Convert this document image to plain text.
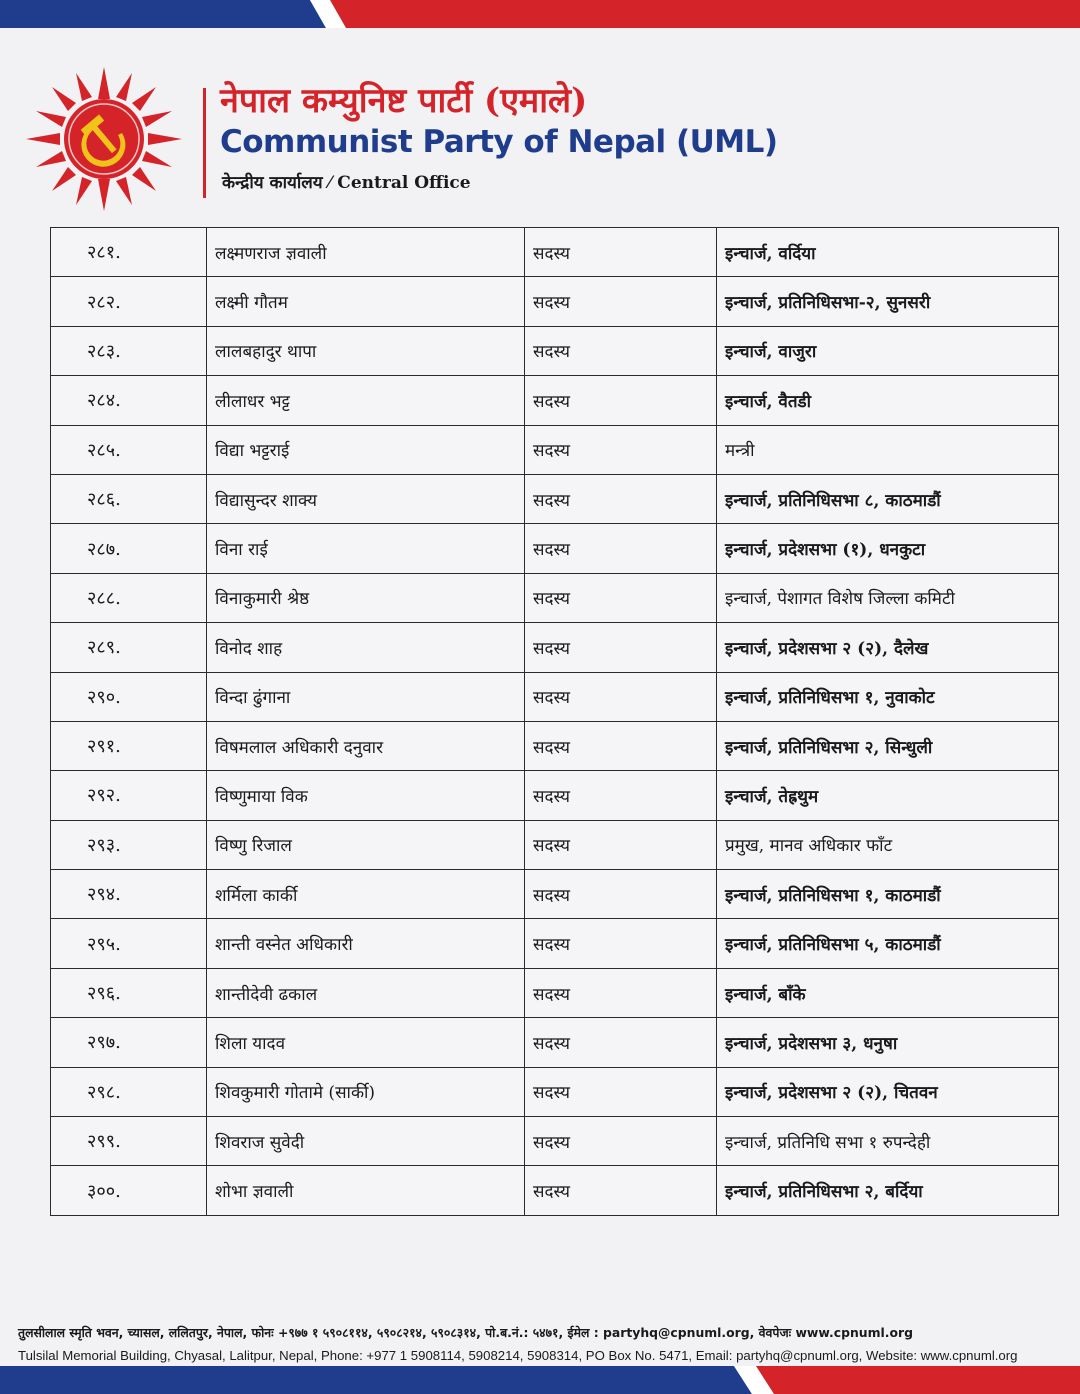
नेपाल कम्युनिष्ट पार्टी (एमाले)
Communist Party of Nepal (UML)
केन्द्रीय कार्यालय ⁄ Central Office
२८१.	लक्ष्मणराज ज्ञवाली	सदस्य	इन्चार्ज, वर्दिया
२८२.	लक्ष्मी गौतम	सदस्य	इन्चार्ज, प्रतिनिधिसभा-२, सुनसरी
२८३.	लालबहादुर थापा	सदस्य	इन्चार्ज, वाजुरा
२८४.	लीलाधर भट्ट	सदस्य	इन्चार्ज, वैतडी
२८५.	विद्या भट्टराई	सदस्य	मन्त्री
२८६.	विद्यासुन्दर शाक्य	सदस्य	इन्चार्ज, प्रतिनिधिसभा ८, काठमाडौं
२८७.	विना राई	सदस्य	इन्चार्ज, प्रदेशसभा (१), धनकुटा
२८८.	विनाकुमारी श्रेष्ठ	सदस्य	इन्चार्ज, पेशागत विशेष जिल्ला कमिटी
२८९.	विनोद शाह	सदस्य	इन्चार्ज, प्रदेशसभा २ (२), दैलेख
२९०.	विन्दा ढुंगाना	सदस्य	इन्चार्ज, प्रतिनिधिसभा १, नुवाकोट
२९१.	विषमलाल अधिकारी दनुवार	सदस्य	इन्चार्ज, प्रतिनिधिसभा २, सिन्धुली
२९२.	विष्णुमाया विक	सदस्य	इन्चार्ज, तेह्रथुम
२९३.	विष्णु रिजाल	सदस्य	प्रमुख, मानव अधिकार फाँट
२९४.	शर्मिला कार्की	सदस्य	इन्चार्ज, प्रतिनिधिसभा १, काठमाडौं
२९५.	शान्ती वस्नेत अधिकारी	सदस्य	इन्चार्ज, प्रतिनिधिसभा ५, काठमाडौं
२९६.	शान्तीदेवी ढकाल	सदस्य	इन्चार्ज, बाँके
२९७.	शिला यादव	सदस्य	इन्चार्ज, प्रदेशसभा ३, धनुषा
२९८.	शिवकुमारी गोतामे (सार्की)	सदस्य	इन्चार्ज, प्रदेशसभा २ (२), चितवन
२९९.	शिवराज सुवेदी	सदस्य	इन्चार्ज, प्रतिनिधि सभा १ रुपन्देही
३००.	शोभा ज्ञवाली	सदस्य	इन्चार्ज, प्रतिनिधिसभा २, बर्दिया
तुलसीलाल स्मृति भवन, च्यासल, ललितपुर, नेपाल, फोनः +९७७ १ ५९०८११४, ५९०८२१४, ५९०८३१४, पो.ब.नं.: ५४७१, ईमेल : partyhq@cpnuml.org, वेवपेजः www.cpnuml.org
Tulsilal Memorial Building, Chyasal, Lalitpur, Nepal, Phone: +977 1 5908114, 5908214, 5908314, PO Box No. 5471, Email: partyhq@cpnuml.org, Website: www.cpnuml.org
